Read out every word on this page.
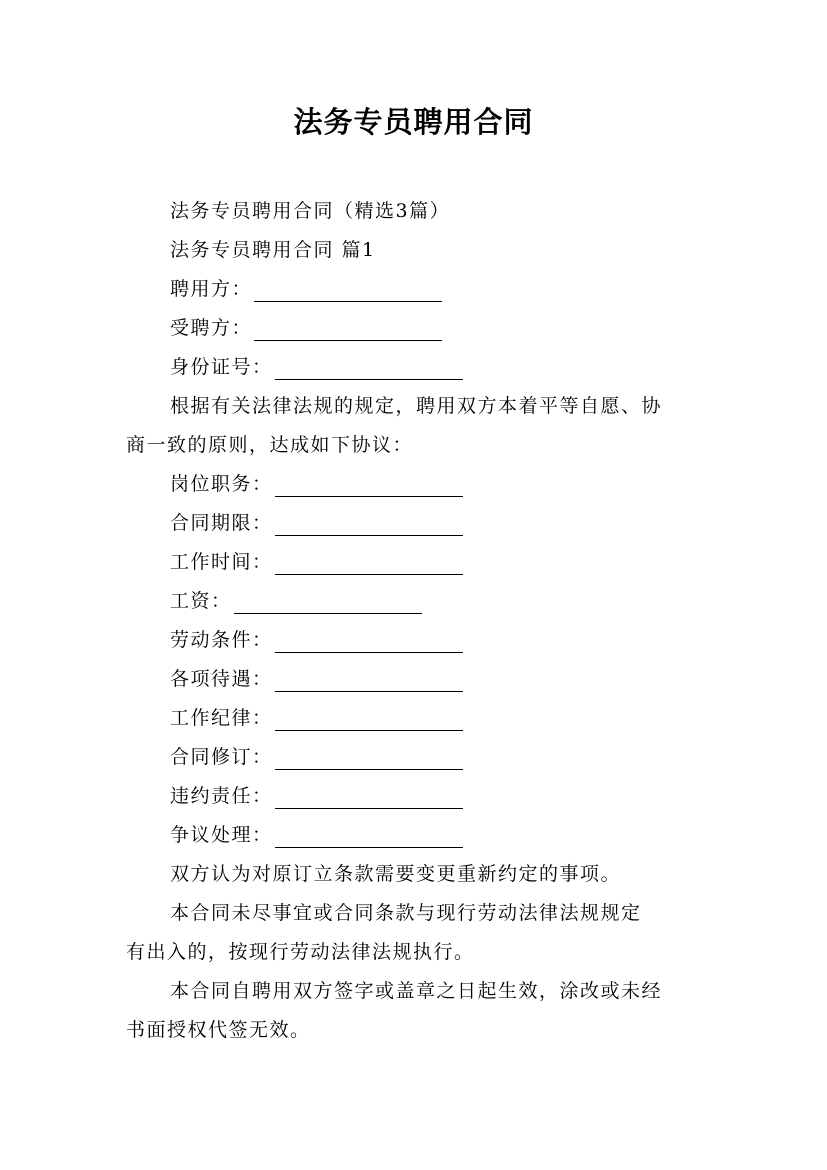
法务专员聘用合同

法务专员聘用合同（精选3篇）

法务专员聘用合同 篇1

聘用方：

受聘方：

身份证号：

根据有关法律法规的规定，聘用双方本着平等自愿、协

商一致的原则，达成如下协议：

岗位职务：

合同期限：

工作时间：

工资：

劳动条件：

各项待遇：

工作纪律：

合同修订：

违约责任：

争议处理：

双方认为对原订立条款需要变更重新约定的事项。

本合同未尽事宜或合同条款与现行劳动法律法规规定

有出入的，按现行劳动法律法规执行。

本合同自聘用双方签字或盖章之日起生效，涂改或未经

书面授权代签无效。
